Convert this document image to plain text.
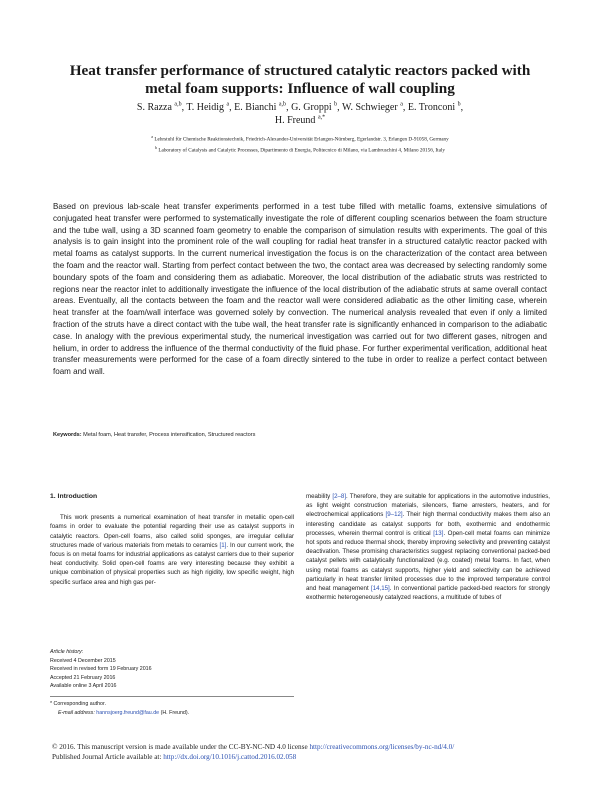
Heat transfer performance of structured catalytic reactors packed with metal foam supports: Influence of wall coupling
S. Razza $^{a,b}$, T. Heidig $^a$, E. Bianchi $^{a,b}$, G. Groppi $^b$, W. Schwieger $^a$, E. Tronconi $^b$,
H. Freund $^{a,*}$
$^a$ Lehrstuhl für Chemische Reaktionstechnik, Friedrich-Alexander-Universität Erlangen-Nürnberg, Egerlandstr. 3, Erlangen D-91058, Germany
$^b$ Laboratory of Catalysis and Catalytic Processes, Dipartimento di Energia, Politecnico di Milano, via Lambruschini 4, Milano 20156, Italy
Based on previous lab-scale heat transfer experiments performed in a test tube filled with metallic foams, extensive simulations of conjugated heat transfer were performed to systematically investigate the role of different coupling scenarios between the foam structure and the tube wall, using a 3D scanned foam geometry to enable the comparison of simulation results with experiments. The goal of this analysis is to gain insight into the prominent role of the wall coupling for radial heat transfer in a structured catalytic reactor packed with metal foams as catalyst supports. In the current numerical investigation the focus is on the characterization of the contact area between the foam and the reactor wall. Starting from perfect contact between the two, the contact area was decreased by selecting randomly some boundary spots of the foam and considering them as adiabatic. Moreover, the local distribution of the adiabatic struts was restricted to regions near the reactor inlet to additionally investigate the influence of the local distribution of the adiabatic struts at same overall contact areas. Eventually, all the contacts between the foam and the reactor wall were considered adiabatic as the other limiting case, wherein heat transfer at the foam/wall interface was governed solely by convection. The numerical analysis revealed that even if only a limited fraction of the struts have a direct contact with the tube wall, the heat transfer rate is significantly enhanced in comparison to the adiabatic case. In analogy with the previous experimental study, the numerical investigation was carried out for two different gases, nitrogen and helium, in order to address the influence of the thermal conductivity of the fluid phase. For further experimental verification, additional heat transfer measurements were performed for the case of a foam directly sintered to the tube in order to realize a perfect contact between foam and wall.
Keywords: Metal foam, Heat transfer, Process intensification, Structured reactors
1. Introduction

This work presents a numerical examination of heat transfer in metallic open-cell foams in order to evaluate the potential regarding their use as catalyst supports in catalytic reactors. Open-cell foams, also called solid sponges, are irregular cellular structures made of various materials from metals to ceramics [1]. In our current work, the focus is on metal foams for industrial applications as catalyst carriers due to their superior heat conductivity. Solid open-cell foams are very interesting because they exhibit a unique combination of physical properties such as high rigidity, low specific weight, high specific surface area and high gas per-

meability [2–8]. Therefore, they are suitable for applications in the automotive industries, as light weight construction materials, silencers, flame arresters, heaters, and for electrochemical applications [9–12]. Their high thermal conductivity makes them also an interesting candidate as catalyst supports for both, exothermic and endothermic processes, wherein thermal control is critical [13]. Open-cell metal foams can minimize hot spots and reduce thermal shock, thereby improving selectivity and preventing catalyst deactivation. These promising characteristics suggest replacing conventional packed-bed catalyst pellets with catalytically functionalized (e.g. coated) metal foams. In fact, when using metal foams as catalyst supports, higher yield and selectivity can be achieved particularly in heat transfer limited processes due to the improved temperature control and heat management [14,15]. In conventional particle packed-bed reactors for strongly exothermic heterogeneously catalyzed reactions, a multitude of tubes of

Article history:
Received 4 December 2015
Received in revised form 19 February 2016
Accepted 21 February 2016
Available online 3 April 2016
* Corresponding author.
E-mail address: hannsjoerg.freund@fau.de (H. Freund).
© 2016. This manuscript version is made available under the CC-BY-NC-ND 4.0 license http://creativecommons.org/licenses/by-nc-nd/4.0/
Published Journal Article available at: http://dx.doi.org/10.1016/j.cattod.2016.02.058
